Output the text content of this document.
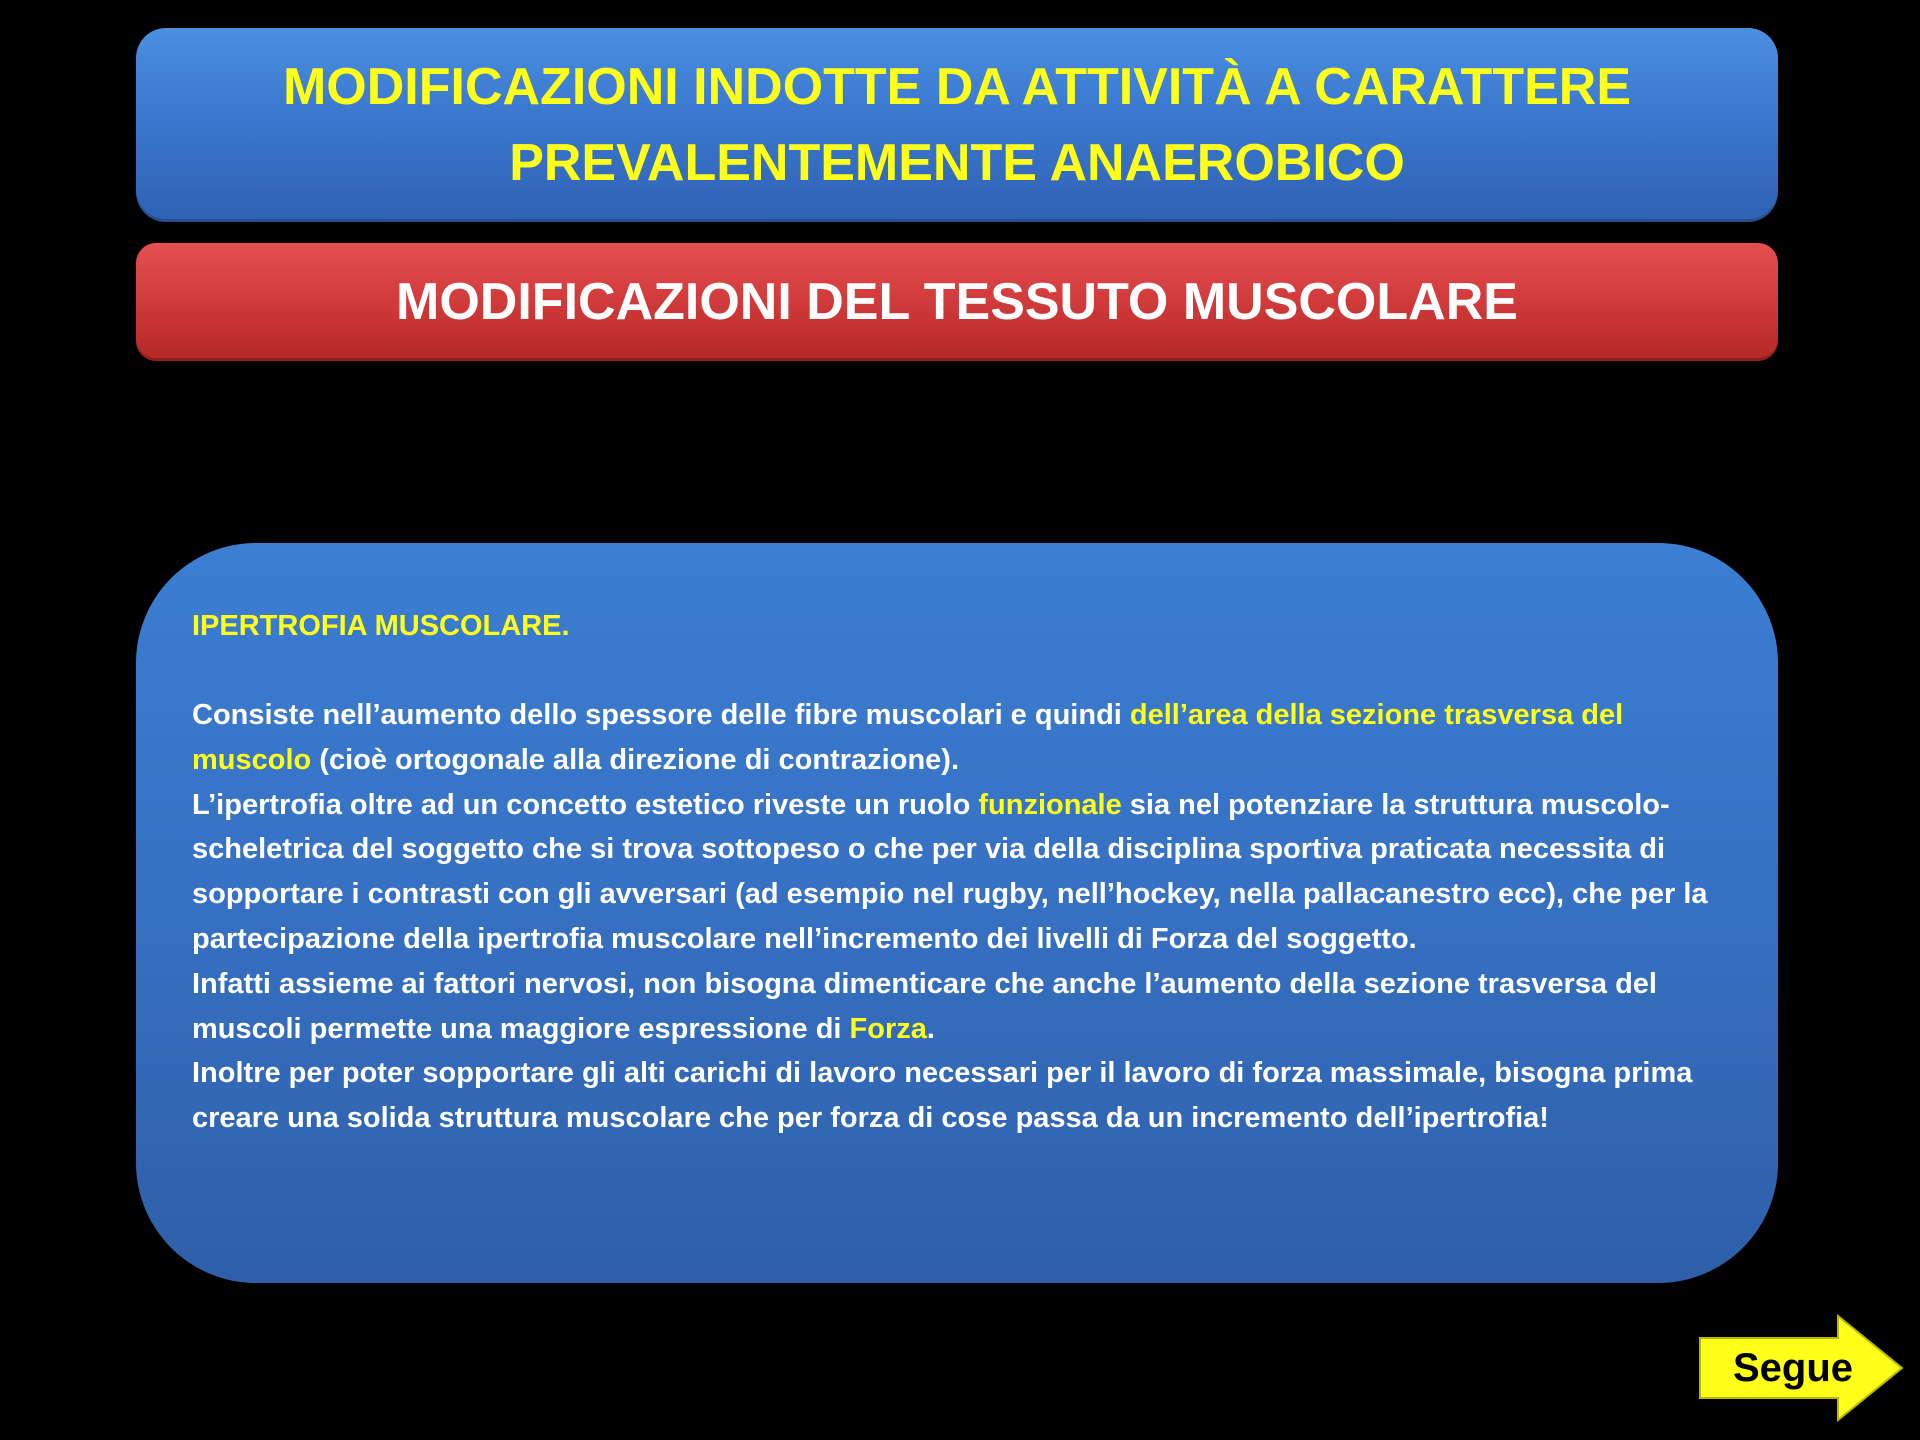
MODIFICAZIONI INDOTTE DA ATTIVITÀ A CARATTERE
PREVALENTEMENTE ANAEROBICO

MODIFICAZIONI DEL TESSUTO MUSCOLARE

IPERTROFIA MUSCOLARE.

Consiste nell’aumento dello spessore delle fibre muscolari e quindi dell’area della sezione trasversa del muscolo (cioè ortogonale alla direzione di contrazione).

L’ipertrofia oltre ad un concetto estetico riveste un ruolo funzionale sia nel potenziare la struttura muscolo-scheletrica del soggetto che si trova sottopeso o che per via della disciplina sportiva praticata necessita di sopportare i contrasti con gli avversari (ad esempio nel rugby, nell’hockey, nella pallacanestro ecc), che per la partecipazione della ipertrofia muscolare nell’incremento dei livelli di Forza del soggetto.

Infatti assieme ai fattori nervosi, non bisogna dimenticare che anche l’aumento della sezione trasversa del muscoli permette una maggiore espressione di Forza.

Inoltre per poter sopportare gli alti carichi di lavoro necessari per il lavoro di forza massimale, bisogna prima creare una solida struttura muscolare che per forza di cose passa da un incremento dell’ipertrofia!

Segue
